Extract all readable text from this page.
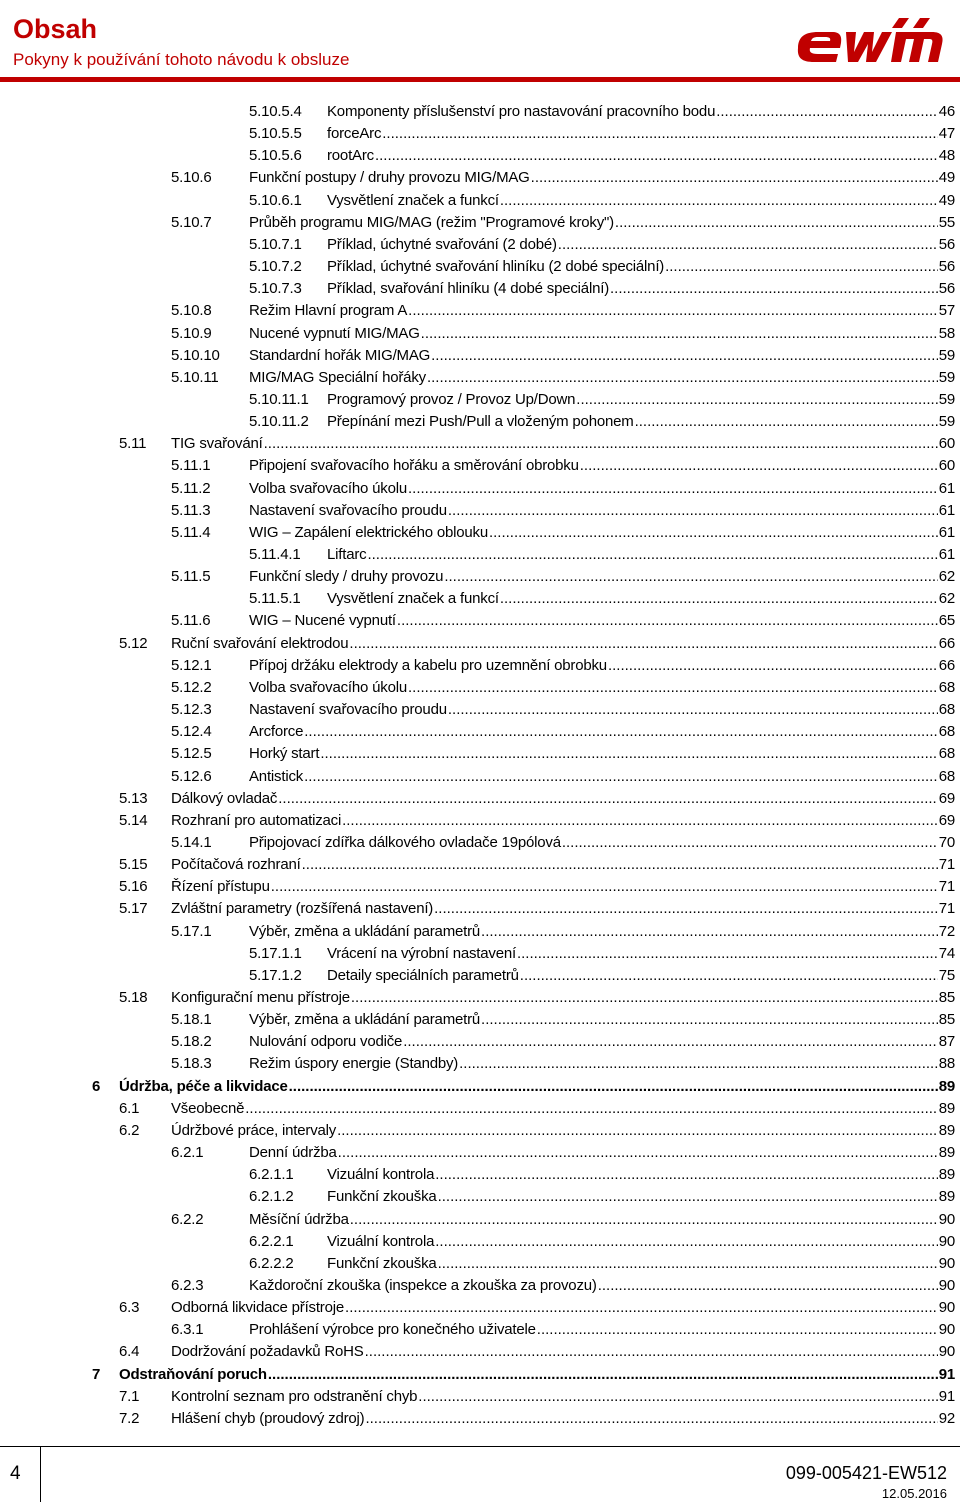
Obsah
Pokyny k používání tohoto návodu k obsluze
5.10.5.4	Komponenty příslušenství pro nastavování pracovního bodu .....	46
5.10.5.5	forceArc .....	47
5.10.5.6	rootArc .....	48
5.10.6	Funkční postupy / druhy provozu MIG/MAG .....	49
5.10.6.1	Vysvětlení značek a funkcí .....	49
5.10.7	Průběh programu MIG/MAG (režim "Programové kroky") .....	55
5.10.7.1	Příklad, úchytné svařování (2 dobé) .....	56
5.10.7.2	Příklad, úchytné svařování hliníku (2 dobé speciální) .....	56
5.10.7.3	Příklad, svařování hliníku (4 dobé speciální) .....	56
5.10.8	Režim Hlavní program A .....	57
5.10.9	Nucené vypnutí MIG/MAG .....	58
5.10.10	Standardní hořák MIG/MAG .....	59
5.10.11	MIG/MAG Speciální hořáky .....	59
5.10.11.1	Programový provoz / Provoz Up/Down .....	59
5.10.11.2	Přepínání mezi Push/Pull a vloženým pohonem .....	59
5.11	TIG svařování .....	60
5.11.1	Připojení svařovacího hořáku a směrování obrobku .....	60
5.11.2	Volba svařovacího úkolu .....	61
5.11.3	Nastavení svařovacího proudu .....	61
5.11.4	WIG – Zapálení elektrického oblouku .....	61
5.11.4.1	Liftarc .....	61
5.11.5	Funkční sledy / druhy provozu .....	62
5.11.5.1	Vysvětlení značek a funkcí .....	62
5.11.6	WIG – Nucené vypnutí .....	65
5.12	Ruční svařování elektrodou .....	66
5.12.1	Přípoj držáku elektrody a kabelu pro uzemnění obrobku .....	66
5.12.2	Volba svařovacího úkolu .....	68
5.12.3	Nastavení svařovacího proudu .....	68
5.12.4	Arcforce .....	68
5.12.5	Horký start .....	68
5.12.6	Antistick .....	68
5.13	Dálkový ovladač .....	69
5.14	Rozhraní pro automatizaci .....	69
5.14.1	Připojovací zdířka dálkového ovladače 19pólová .....	70
5.15	Počítačová rozhraní .....	71
5.16	Řízení přístupu .....	71
5.17	Zvláštní parametry (rozšířená nastavení) .....	71
5.17.1	Výběr, změna a ukládání parametrů .....	72
5.17.1.1	Vrácení na výrobní nastavení .....	74
5.17.1.2	Detaily speciálních parametrů .....	75
5.18	Konfigurační menu přístroje .....	85
5.18.1	Výběr, změna a ukládání parametrů .....	85
5.18.2	Nulování odporu vodiče .....	87
5.18.3	Režim úspory energie (Standby) .....	88
6	Údržba, péče a likvidace .....	89
6.1	Všeobecně .....	89
6.2	Údržbové práce, intervaly .....	89
6.2.1	Denní údržba .....	89
6.2.1.1	Vizuální kontrola .....	89
6.2.1.2	Funkční zkouška .....	89
6.2.2	Měsíční údržba .....	90
6.2.2.1	Vizuální kontrola .....	90
6.2.2.2	Funkční zkouška .....	90
6.2.3	Každoroční zkouška (inspekce a zkouška za provozu) .....	90
6.3	Odborná likvidace přístroje .....	90
6.3.1	Prohlášení výrobce pro konečného uživatele .....	90
6.4	Dodržování požadavků RoHS .....	90
7	Odstraňování poruch .....	91
7.1	Kontrolní seznam pro odstranění chyb .....	91
7.2	Hlášení chyb (proudový zdroj) .....	92
4	099-005421-EW512
12.05.2016
